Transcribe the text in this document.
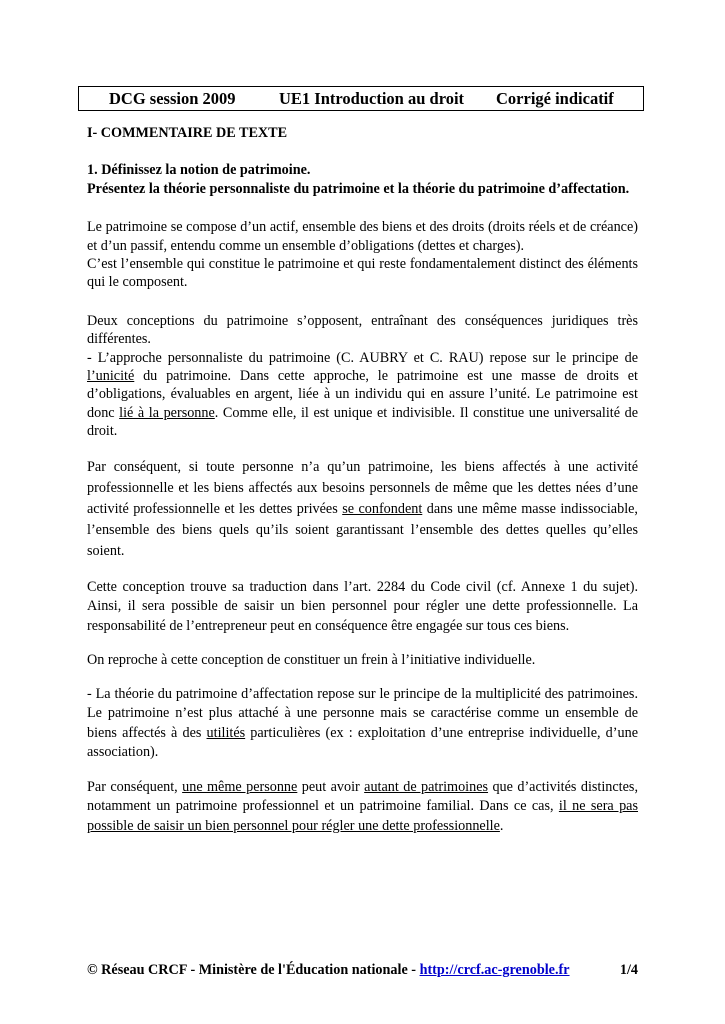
DCG session 2009	UE1 Introduction au droit Corrigé indicatif

I- COMMENTAIRE DE TEXTE

1. Définissez la notion de patrimoine.

Présentez la théorie personnaliste du patrimoine et la théorie du patrimoine d’affectation.

Le patrimoine se compose d’un actif, ensemble des biens et des droits (droits réels et de créance) et d’un passif, entendu comme un ensemble d’obligations (dettes et charges).

C’est l’ensemble qui constitue le patrimoine et qui reste fondamentalement distinct des éléments qui le composent.

Deux conceptions du patrimoine s’opposent, entraînant des conséquences juridiques très différentes.

- L’approche personnaliste du patrimoine (C. AUBRY et C. RAU) repose sur le principe de l’unicité du patrimoine. Dans cette approche, le patrimoine est une masse de droits et d’obligations, évaluables en argent, liée à un individu qui en assure l’unité. Le patrimoine est donc lié à la personne. Comme elle, il est unique et indivisible. Il constitue une universalité de droit.

Par conséquent, si toute personne n’a qu’un patrimoine, les biens affectés à une activité professionnelle et les biens affectés aux besoins personnels de même que les dettes nées d’une activité professionnelle et les dettes privées se confondent dans une même masse indissociable, l’ensemble des biens quels qu’ils soient garantissant l’ensemble des dettes quelles qu’elles soient.

Cette conception trouve sa traduction dans l’art. 2284 du Code civil (cf. Annexe 1 du sujet). Ainsi, il sera possible de saisir un bien personnel pour régler une dette professionnelle. La responsabilité de l’entrepreneur peut en conséquence être engagée sur tous ces biens.

On reproche à cette conception de constituer un frein à l’initiative individuelle.

- La théorie du patrimoine d’affectation repose sur le principe de la multiplicité des patrimoines. Le patrimoine n’est plus attaché à une personne mais se caractérise comme un ensemble de biens affectés à des utilités particulières (ex : exploitation d’une entreprise individuelle, d’une association).

Par conséquent, une même personne peut avoir autant de patrimoines que d’activités distinctes, notamment un patrimoine professionnel et un patrimoine familial. Dans ce cas, il ne sera pas possible de saisir un bien personnel pour régler une dette professionnelle.

© Réseau CRCF - Ministère de l'Éducation nationale - http://crcf.ac-grenoble.fr	1/4
